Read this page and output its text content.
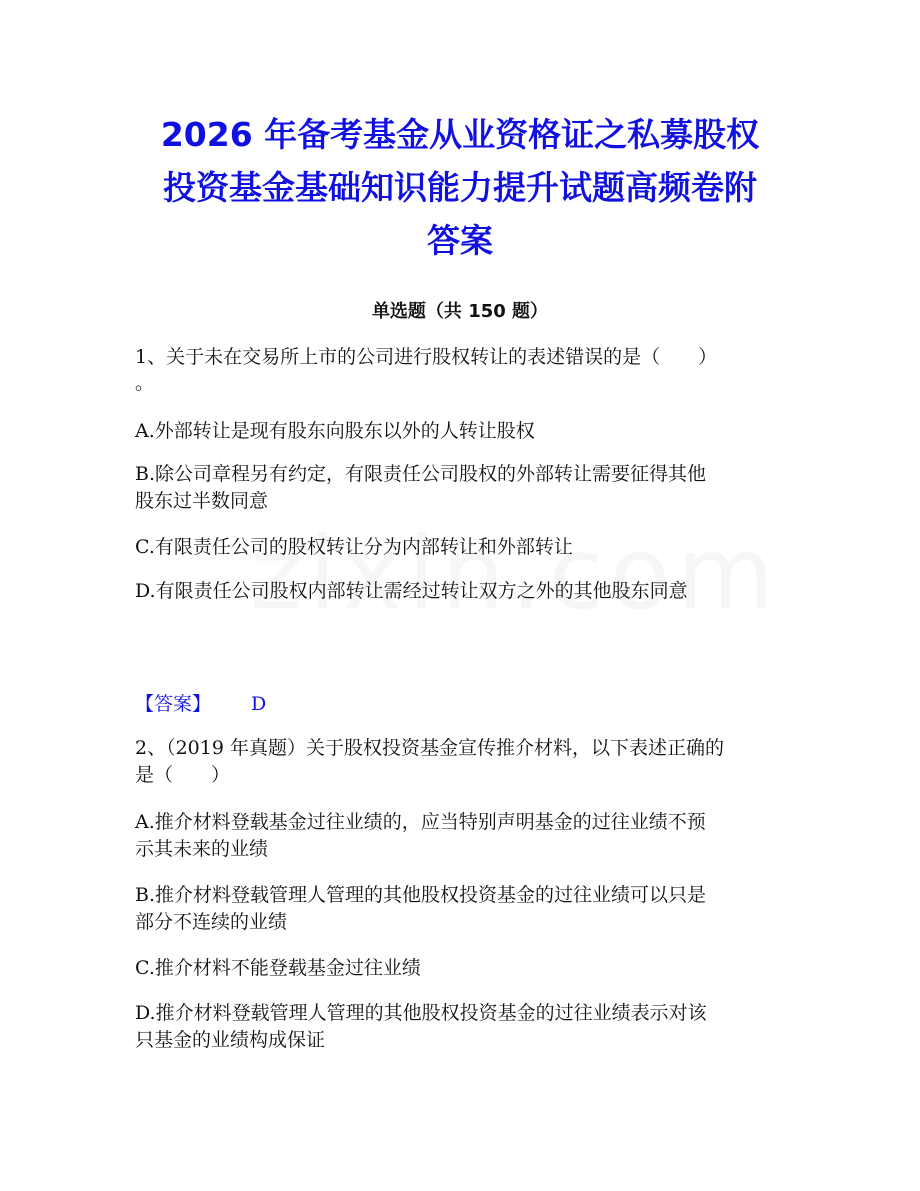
2026 年备考基金从业资格证之私募股权
投资基金基础知识能力提升试题高频卷附
答案
单选题（共 150 题）
1、关于未在交易所上市的公司进行股权转让的表述错误的是（　　）
。
A.外部转让是现有股东向股东以外的人转让股权
B.除公司章程另有约定，有限责任公司股权的外部转让需要征得其他
股东过半数同意
C.有限责任公司的股权转让分为内部转让和外部转让
D.有限责任公司股权内部转让需经过转让双方之外的其他股东同意
【答案】 D
2、（2019 年真题）关于股权投资基金宣传推介材料，以下表述正确的
是（　　）
A.推介材料登载基金过往业绩的，应当特别声明基金的过往业绩不预
示其未来的业绩
B.推介材料登载管理人管理的其他股权投资基金的过往业绩可以只是
部分不连续的业绩
C.推介材料不能登载基金过往业绩
D.推介材料登载管理人管理的其他股权投资基金的过往业绩表示对该
只基金的业绩构成保证
